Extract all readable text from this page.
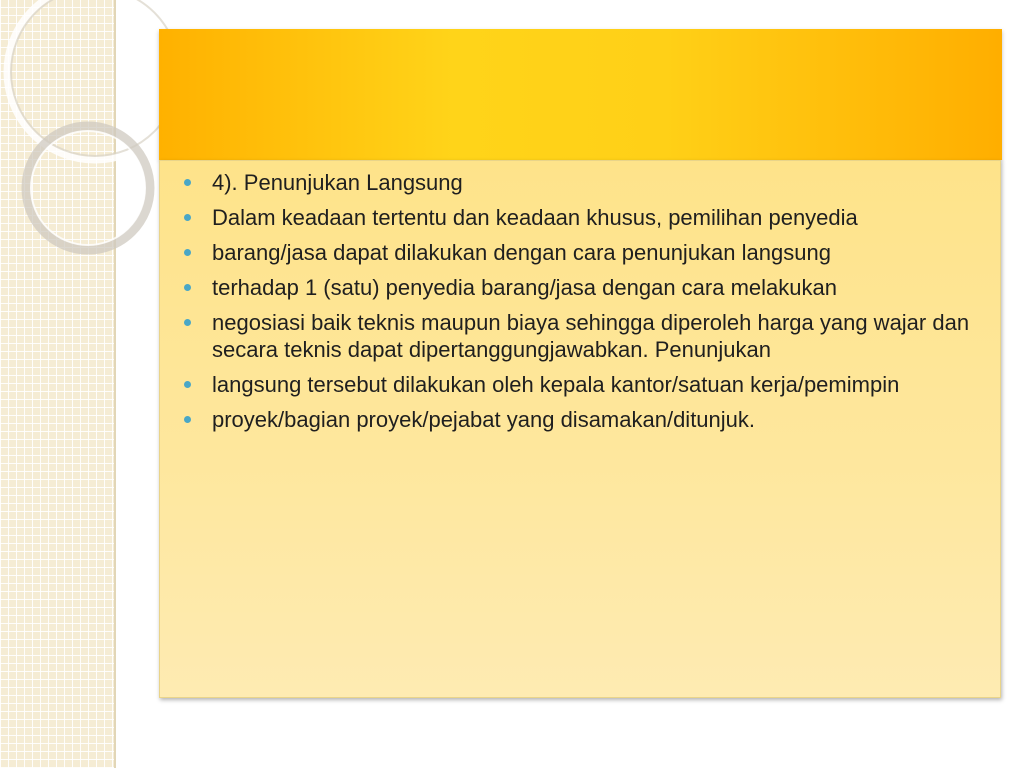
4). Penunjukan Langsung
Dalam keadaan tertentu dan keadaan khusus, pemilihan penyedia
barang/jasa dapat dilakukan dengan cara penunjukan langsung
terhadap 1 (satu) penyedia barang/jasa dengan cara melakukan
negosiasi baik teknis maupun biaya sehingga diperoleh harga yang wajar dan secara teknis dapat dipertanggungjawabkan. Penunjukan
langsung tersebut dilakukan oleh kepala kantor/satuan kerja/pemimpin
proyek/bagian proyek/pejabat yang disamakan/ditunjuk.
